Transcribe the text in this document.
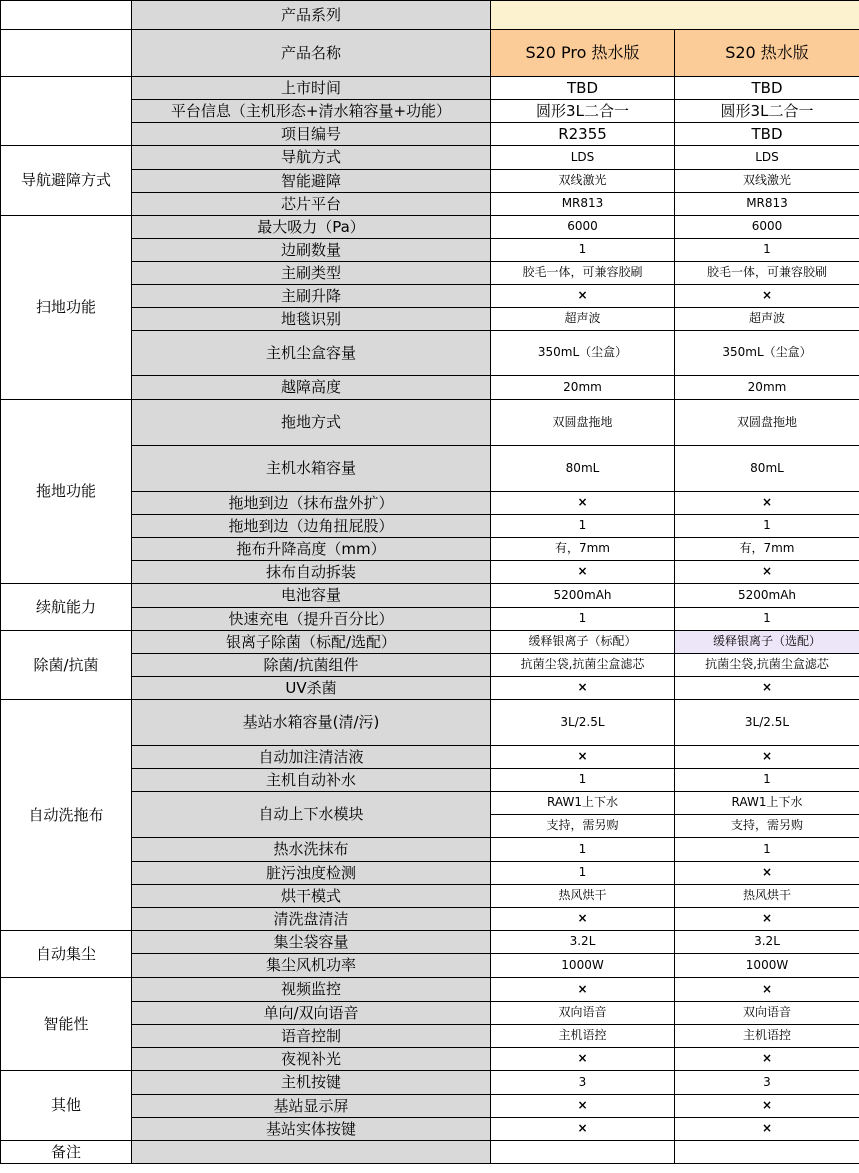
	产品系列		
	产品名称	S20 Pro 热水版	S20 热水版
	上市时间	TBD	TBD
	平台信息（主机形态+清水箱容量+功能）	圆形3L二合一	圆形3L二合一
	项目编号	R2355	TBD
导航避障方式	导航方式	LDS	LDS
	智能避障	双线激光	双线激光
	芯片平台	MR813	MR813
扫地功能	最大吸力（Pa）	6000	6000
	边刷数量	1	1
	主刷类型	胶毛一体，可兼容胶刷	胶毛一体，可兼容胶刷
	主刷升降	×	×
	地毯识别	超声波	超声波
	主机尘盒容量	350mL（尘盒）	350mL（尘盒）
	越障高度	20mm	20mm
拖地功能	拖地方式	双圆盘拖地	双圆盘拖地
	主机水箱容量	80mL	80mL
	拖地到边（抹布盘外扩）	×	×
	拖地到边（边角扭屁股）	1	1
	拖布升降高度（mm）	有，7mm	有，7mm
	抹布自动拆装	×	×
续航能力	电池容量	5200mAh	5200mAh
	快速充电（提升百分比）	1	1
除菌/抗菌	银离子除菌（标配/选配）	缓释银离子（标配）	缓释银离子（选配）
	除菌/抗菌组件	抗菌尘袋,抗菌尘盒滤芯	抗菌尘袋,抗菌尘盒滤芯
	UV杀菌	×	×
自动洗拖布	基站水箱容量(清/污)	3L/2.5L	3L/2.5L
	自动加注清洁液	×	×
	主机自动补水	1	1
	自动上下水模块	RAW1上下水	RAW1上下水
		支持，需另购	支持，需另购
	热水洗抹布	1	1
	脏污浊度检测	1	×
	烘干模式	热风烘干	热风烘干
	清洗盘清洁	×	×
自动集尘	集尘袋容量	3.2L	3.2L
	集尘风机功率	1000W	1000W
智能性	视频监控	×	×
	单向/双向语音	双向语音	双向语音
	语音控制	主机语控	主机语控
	夜视补光	×	×
其他	主机按键	3	3
	基站显示屏	×	×
	基站实体按键	×	×
备注			
